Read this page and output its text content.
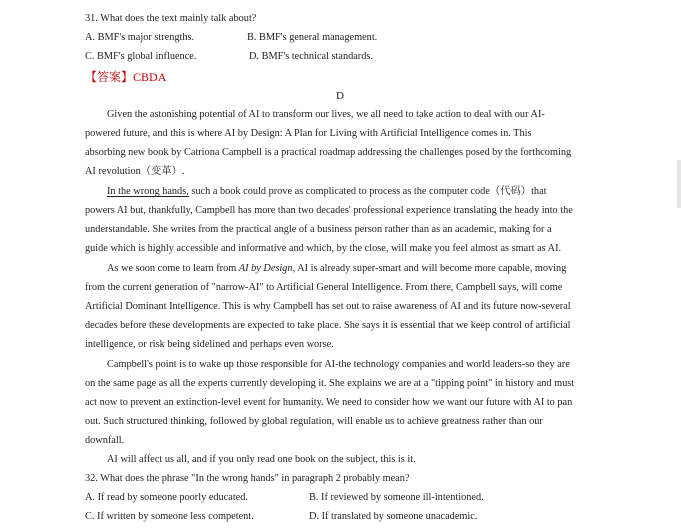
31. What does the text mainly talk about?
A. BMF's major strengths.	B. BMF's general management.
C. BMF's global influence.	D. BMF's technical standards.
【答案】CBDA
D
Given the astonishing potential of AI to transform our lives, we all need to take action to deal with our AI-
powered future, and this is where AI by Design: A Plan for Living with Artificial Intelligence comes in. This
absorbing new book by Catriona Campbell is a practical roadmap addressing the challenges posed by the forthcoming
AI revolution（变革）.
In the wrong hands, such a book could prove as complicated to process as the computer code（代码）that
powers AI but, thankfully, Campbell has more than two decades' professional experience translating the heady into the
understandable. She writes from the practical angle of a business person rather than as an academic, making for a
guide which is highly accessible and informative and which, by the close, will make you feel almost as smart as AI.
As we soon come to learn from AI by Design, AI is already super-smart and will become more capable, moving
from the current generation of "narrow-AI" to Artificial General Intelligence. From there, Campbell says, will come
Artificial Dominant Intelligence. This is why Campbell has set out to raise awareness of AI and its future now-several
decades before these developments are expected to take place. She says it is essential that we keep control of artificial
intelligence, or risk being sidelined and perhaps even worse.
Campbell's point is to wake up those responsible for AI-the technology companies and world leaders-so they are
on the same page as all the experts currently developing it. She explains we are at a "tipping point" in history and must
act now to prevent an extinction-level event for humanity. We need to consider how we want our future with AI to pan
out. Such structured thinking, followed by global regulation, will enable us to achieve greatness rather than our
downfall.
AI will affect us all, and if you only read one book on the subject, this is it.
32. What does the phrase "In the wrong hands" in paragraph 2 probably mean?
A. If read by someone poorly educated.	B. If reviewed by someone ill-intentioned.
C. If written by someone less competent.	D. If translated by someone unacademic.
